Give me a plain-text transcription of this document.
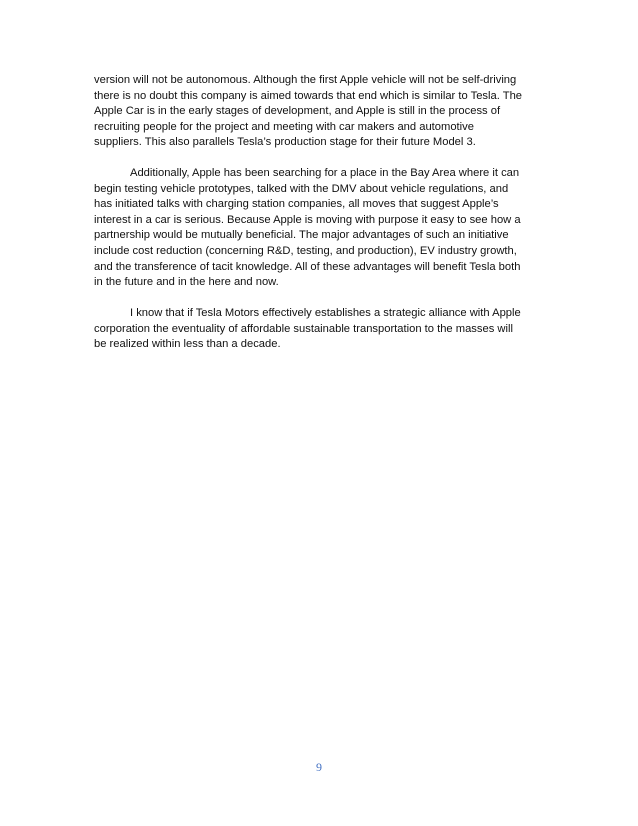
version will not be autonomous. Although the first Apple vehicle will not be self-driving
there is no doubt this company is aimed towards that end which is similar to Tesla. The
Apple Car is in the early stages of development, and Apple is still in the process of
recruiting people for the project and meeting with car makers and automotive
suppliers. This also parallels Tesla’s production stage for their future Model 3.

Additionally, Apple has been searching for a place in the Bay Area where it can
begin testing vehicle prototypes, talked with the DMV about vehicle regulations, and
has initiated talks with charging station companies, all moves that suggest Apple’s
interest in a car is serious. Because Apple is moving with purpose it easy to see how a
partnership would be mutually beneficial. The major advantages of such an initiative
include cost reduction (concerning R&D, testing, and production), EV industry growth,
and the transference of tacit knowledge. All of these advantages will benefit Tesla both
in the future and in the here and now.

I know that if Tesla Motors effectively establishes a strategic alliance with Apple
corporation the eventuality of affordable sustainable transportation to the masses will
be realized within less than a decade.

9
